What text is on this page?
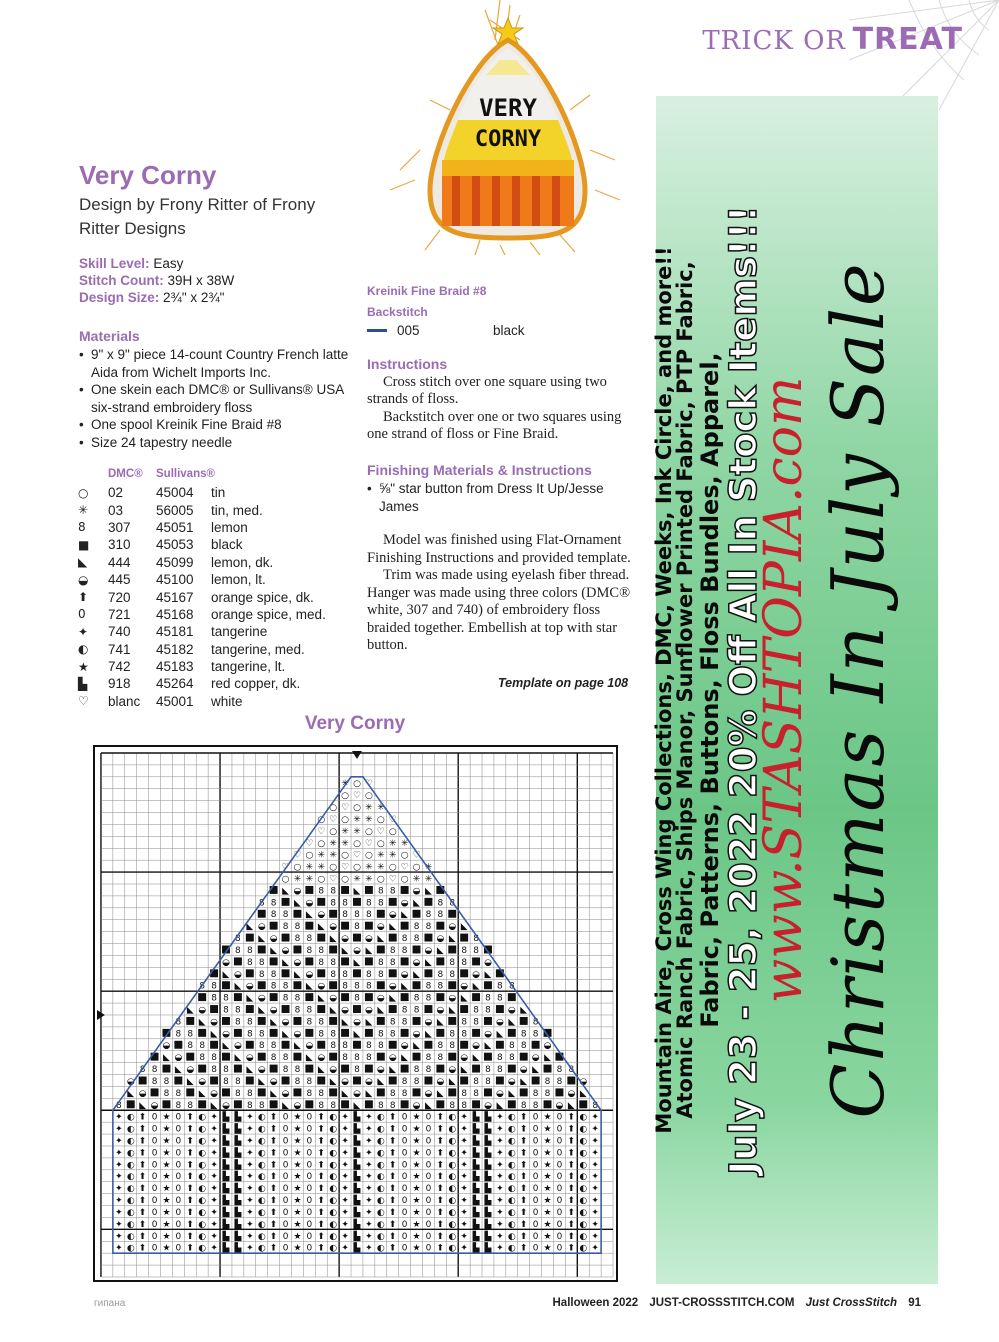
TRICK OR TREAT
VERY
CORNY
Very Corny
Design by Frony Ritter of Frony Ritter Designs
Skill Level: Easy
Stitch Count: 39H x 38W
Design Size: 2¾" x 2¾"
Materials
• 9" x 9" piece 14-count Country French latte Aida from Wichelt Imports Inc.
• One skein each DMC® or Sullivans® USA six-strand embroidery floss
• One spool Kreinik Fine Braid #8
• Size 24 tapestry needle
DMC®	Sullivans®
○	02	45004	tin
✳	03	56005	tin, med.
8	307	45051	lemon
■	310	45053	black
◣	444	45099	lemon, dk.
◒	445	45100	lemon, lt.
⬆	720	45167	orange spice, dk.
0	721	45168	orange spice, med.
✦	740	45181	tangerine
◐	741	45182	tangerine, med.
★	742	45183	tangerine, lt.
▙	918	45264	red copper, dk.
♡	blanc	45001	white
Kreinik Fine Braid #8
Backstitch
005	black
Instructions

Cross stitch over one square using two strands of floss.

Backstitch over one or two squares using one strand of floss or Fine Braid.

Finishing Materials & Instructions
• ⅝" star button from Dress It Up/Jesse James

Model was finished using Flat-Ornament Finishing Instructions and provided template.

Trim was made using eyelash fiber thread. Hanger was made using three colors (DMC® white, 307 and 740) of embroidery floss braided together. Embellish at top with star button.

Template on page 108
Very Corny
✳ ○ ♡
○ ♡ ○
○ ♡ ○ ✳ ✳
○ ♡ ○ ✳ ✳ ○ ♡
♡ ○ ✳ ✳ ○ ♡ ○
♡ ○ ✳ ✳ ○ ♡ ○ ✳ ✳
♡ ○ ✳ ✳ ○ ♡ ○ ✳ ✳ ○ ♡
♡ ○ ✳ ✳ ○ ♡ ○ ✳ ✳ ○ ♡ ○ ✳
○ ✳ ✳ ○ ♡ ○ ✳ ✳ ○ ♡ ○ ✳ ✳
◣ ◒ 8 8 ◣ 8 8 ◒ ◣
8 8 ◣ ◒ 8 8 8 8 ◒ ◣ 8 8
8 8 ◣ ◒ 8 8 8 ◒ ◣ 8 8
◣ ◒ 8 8 ◣ ◒ 8 ◒ ◣ 8 8 ◒ ◣
8 ◣ ◒ 8 8 ◣ ◒ ◒ ◣ 8 8 ◒ ◣ 8
8 8 ◣ ◒ 8 8 ◣ ◒ ◣ 8 8 ◒ ◣ 8 8
◒ 8 8 ◣ ◒ 8 8 ◣ 8 8 ◒ ◣ 8 8 ◒
◣ ◒ 8 8 ◣ ◒ 8 8 8 8 ◒ ◣ 8 8 ◒ ◣
8 8 ◣ ◒ 8 8 ◣ ◒ 8 8 8 ◒ ◣ 8 8 ◒ ◣ 8 8
8 8 ◣ ◒ 8 8 ◣ ◒ 8 ◒ ◣ 8 8 ◒ ◣ 8 8
◣ ◒ 8 8 ◣ ◒ 8 8 ◣ ◒ ◒ ◣ 8 8 ◒ ◣ 8 8 ◒ ◣
8 ◣ ◒ 8 8 ◣ ◒ 8 8 ◣ ◒ ◣ 8 8 ◒ ◣ 8 8 ◒ ◣ 8
8 8 ◣ ◒ 8 8 ◣ ◒ 8 8 ◣ 8 8 ◒ ◣ 8 8 ◒ ◣ 8 8
◒ 8 8 ◣ ◒ 8 8 ◣ ◒ 8 8 8 8 ◒ ◣ 8 8 ◒ ◣ 8 8 ◒
◣ ◒ 8 8 ◣ ◒ 8 8 ◣ ◒ 8 8 8 ◒ ◣ 8 8 ◒ ◣ 8 8 ◒ ◣
8 8 ◣ ◒ 8 8 ◣ ◒ 8 8 ◣ ◒ 8 ◒ ◣ 8 8 ◒ ◣ 8 8 ◒ ◣ 8 8
◒ 8 8 ◣ ◒ 8 8 ◣ ◒ 8 8 ◣ ◒ ◒ ◣ 8 8 ◒ ◣ 8 8 ◒ ◣ 8 8 ◒
◣ ◒ 8 8 ◣ ◒ 8 8 ◣ ◒ 8 8 ◣ ◒ ◣ 8 8 ◒ ◣ 8 8 ◒ ◣ 8 8 ◒ ◣
8 ◣ ◒ 8 8 ◣ ◒ 8 8 ◣ ◒ 8 8 ◣ 8 8 ◒ ◣ 8 8 ◒ ◣ 8 8 ◒ ◣ 8
✦ ◐ ⬆ 0 ★ 0 ⬆ ◐ ✦ ▙ ▙ ✦ ◐ ⬆ 0 ★ 0 ⬆ ◐ ✦ ▙ ✦ ◐ ⬆ 0 ★ 0 ⬆ ◐ ✦ ▙ ▙ ✦ ◐ ⬆ 0 ★ 0 ⬆ ◐ ✦
✦ ◐ ⬆ 0 ★ 0 ⬆ ◐ ✦ ▙ ▙ ✦ ◐ ⬆ 0 ★ 0 ⬆ ◐ ✦ ▙ ✦ ◐ ⬆ 0 ★ 0 ⬆ ◐ ✦ ▙ ▙ ✦ ◐ ⬆ 0 ★ 0 ⬆ ◐ ✦
✦ ◐ ⬆ 0 ★ 0 ⬆ ◐ ✦ ▙ ▙ ✦ ◐ ⬆ 0 ★ 0 ⬆ ◐ ✦ ▙ ✦ ◐ ⬆ 0 ★ 0 ⬆ ◐ ✦ ▙ ▙ ✦ ◐ ⬆ 0 ★ 0 ⬆ ◐ ✦
✦ ◐ ⬆ 0 ★ 0 ⬆ ◐ ✦ ▙ ▙ ✦ ◐ ⬆ 0 ★ 0 ⬆ ◐ ✦ ▙ ✦ ◐ ⬆ 0 ★ 0 ⬆ ◐ ✦ ▙ ▙ ✦ ◐ ⬆ 0 ★ 0 ⬆ ◐ ✦
✦ ◐ ⬆ 0 ★ 0 ⬆ ◐ ✦ ▙ ▙ ✦ ◐ ⬆ 0 ★ 0 ⬆ ◐ ✦ ▙ ✦ ◐ ⬆ 0 ★ 0 ⬆ ◐ ✦ ▙ ▙ ✦ ◐ ⬆ 0 ★ 0 ⬆ ◐ ✦
✦ ◐ ⬆ 0 ★ 0 ⬆ ◐ ✦ ▙ ▙ ✦ ◐ ⬆ 0 ★ 0 ⬆ ◐ ✦ ▙ ✦ ◐ ⬆ 0 ★ 0 ⬆ ◐ ✦ ▙ ▙ ✦ ◐ ⬆ 0 ★ 0 ⬆ ◐ ✦
✦ ◐ ⬆ 0 ★ 0 ⬆ ◐ ✦ ▙ ▙ ✦ ◐ ⬆ 0 ★ 0 ⬆ ◐ ✦ ▙ ✦ ◐ ⬆ 0 ★ 0 ⬆ ◐ ✦ ▙ ▙ ✦ ◐ ⬆ 0 ★ 0 ⬆ ◐ ✦
✦ ◐ ⬆ 0 ★ 0 ⬆ ◐ ✦ ▙ ▙ ✦ ◐ ⬆ 0 ★ 0 ⬆ ◐ ✦ ▙ ✦ ◐ ⬆ 0 ★ 0 ⬆ ◐ ✦ ▙ ▙ ✦ ◐ ⬆ 0 ★ 0 ⬆ ◐ ✦
✦ ◐ ⬆ 0 ★ 0 ⬆ ◐ ✦ ▙ ▙ ✦ ◐ ⬆ 0 ★ 0 ⬆ ◐ ✦ ▙ ✦ ◐ ⬆ 0 ★ 0 ⬆ ◐ ✦ ▙ ▙ ✦ ◐ ⬆ 0 ★ 0 ⬆ ◐ ✦
✦ ◐ ⬆ 0 ★ 0 ⬆ ◐ ✦ ▙ ▙ ✦ ◐ ⬆ 0 ★ 0 ⬆ ◐ ✦ ▙ ✦ ◐ ⬆ 0 ★ 0 ⬆ ◐ ✦ ▙ ▙ ✦ ◐ ⬆ 0 ★ 0 ⬆ ◐ ✦
✦ ◐ ⬆ 0 ★ 0 ⬆ ◐ ✦ ▙ ▙ ✦ ◐ ⬆ 0 ★ 0 ⬆ ◐ ✦ ▙ ✦ ◐ ⬆ 0 ★ 0 ⬆ ◐ ✦ ▙ ▙ ✦ ◐ ⬆ 0 ★ 0 ⬆ ◐ ✦
✦ ◐ ⬆ 0 ★ 0 ⬆ ◐ ✦ ▙ ▙ ✦ ◐ ⬆ 0 ★ 0 ⬆ ◐ ✦ ▙ ✦ ◐ ⬆ 0 ★ 0 ⬆ ◐ ✦ ▙ ▙ ✦ ◐ ⬆ 0 ★ 0 ⬆ ◐ ✦
Christmas In July Sale
www.STASHTOPIA.com
July 23 - 25, 2022 20% Off All In Stock Items!!!
Fabric, Patterns, Buttons, Floss Bundles, Apparel,
Atomic Ranch Fabric, Ships Manor, Sunflower Printed Fabric, PTP Fabric,
Mountain Aire, Cross Wing Collections, DMC, Weeks, Ink Circle, and more!!
гипана	Halloween 2022 JUST-CROSSSTITCH.COM Just CrossStitch 91
